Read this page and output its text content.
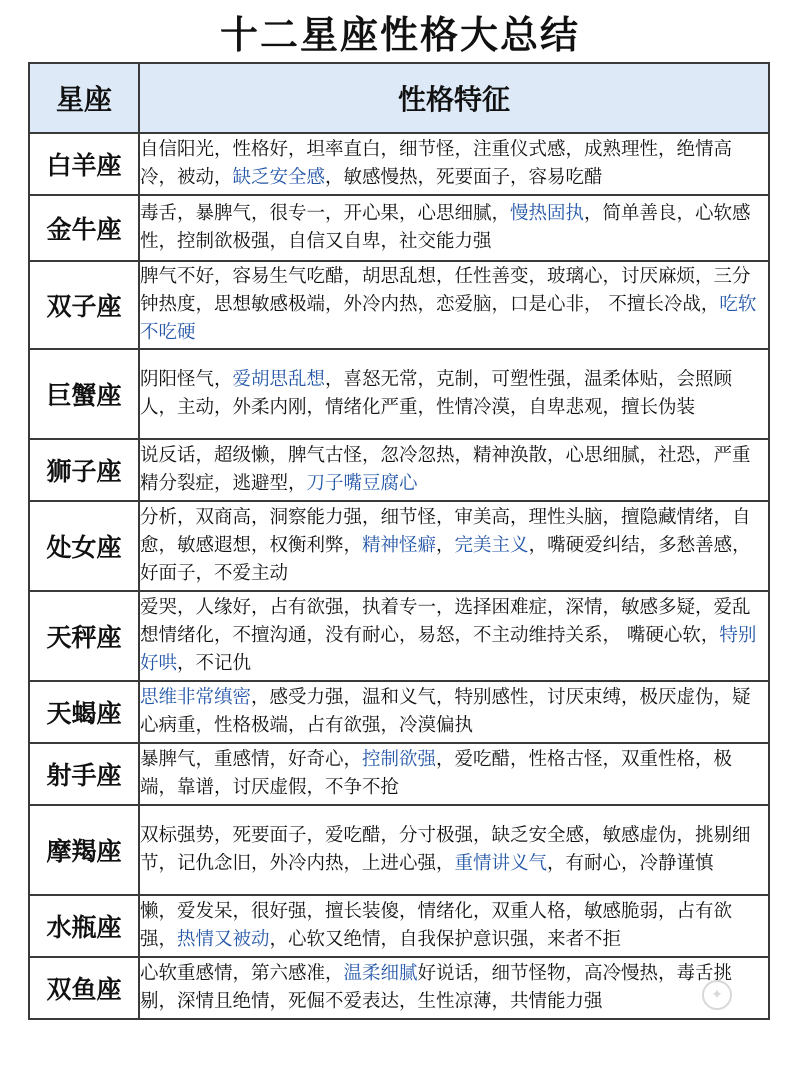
十二星座性格大总结
星座	性格特征
白羊座	自信阳光，性格好，坦率直白，细节怪，注重仪式感，成熟理性，绝情高冷，被动，缺乏安全感，敏感慢热，死要面子，容易吃醋
金牛座	毒舌，暴脾气，很专一，开心果，心思细腻，慢热固执，简单善良，心软感性，控制欲极强，自信又自卑，社交能力强
双子座	脾气不好，容易生气吃醋，胡思乱想，任性善变，玻璃心，讨厌麻烦，三分钟热度，思想敏感极端，外冷内热，恋爱脑，口是心非， 不擅长冷战，吃软不吃硬
巨蟹座	阴阳怪气，爱胡思乱想，喜怒无常，克制，可塑性强，温柔体贴，会照顾人，主动，外柔内刚，情绪化严重，性情冷漠，自卑悲观，擅长伪装
狮子座	说反话，超级懒，脾气古怪，忽冷忽热，精神涣散，心思细腻，社恐，严重精分裂症，逃避型，刀子嘴豆腐心
处女座	分析，双商高，洞察能力强，细节怪，审美高，理性头脑，擅隐藏情绪，自愈，敏感遐想，权衡利弊，精神怪癖，完美主义，嘴硬爱纠结，多愁善感，好面子，不爱主动
天秤座	爱哭，人缘好，占有欲强，执着专一，选择困难症，深情，敏感多疑，爱乱想情绪化，不擅沟通，没有耐心，易怒，不主动维持关系， 嘴硬心软，特别好哄，不记仇
天蝎座	思维非常缜密，感受力强，温和义气，特别感性，讨厌束缚，极厌虚伪，疑心病重，性格极端，占有欲强，冷漠偏执
射手座	暴脾气，重感情，好奇心，控制欲强，爱吃醋，性格古怪，双重性格，极端，靠谱，讨厌虚假，不争不抢
摩羯座	双标强势，死要面子，爱吃醋，分寸极强，缺乏安全感，敏感虚伪，挑剔细节，记仇念旧，外冷内热，上进心强，重情讲义气，有耐心，冷静谨慎
水瓶座	懒，爱发呆，很好强，擅长装傻，情绪化，双重人格，敏感脆弱，占有欲强，热情又被动，心软又绝情，自我保护意识强，来者不拒
双鱼座	心软重感情，第六感准，温柔细腻好说话，细节怪物，高冷慢热，毒舌挑剔，深情且绝情，死倔不爱表达，生性凉薄，共情能力强	✦
